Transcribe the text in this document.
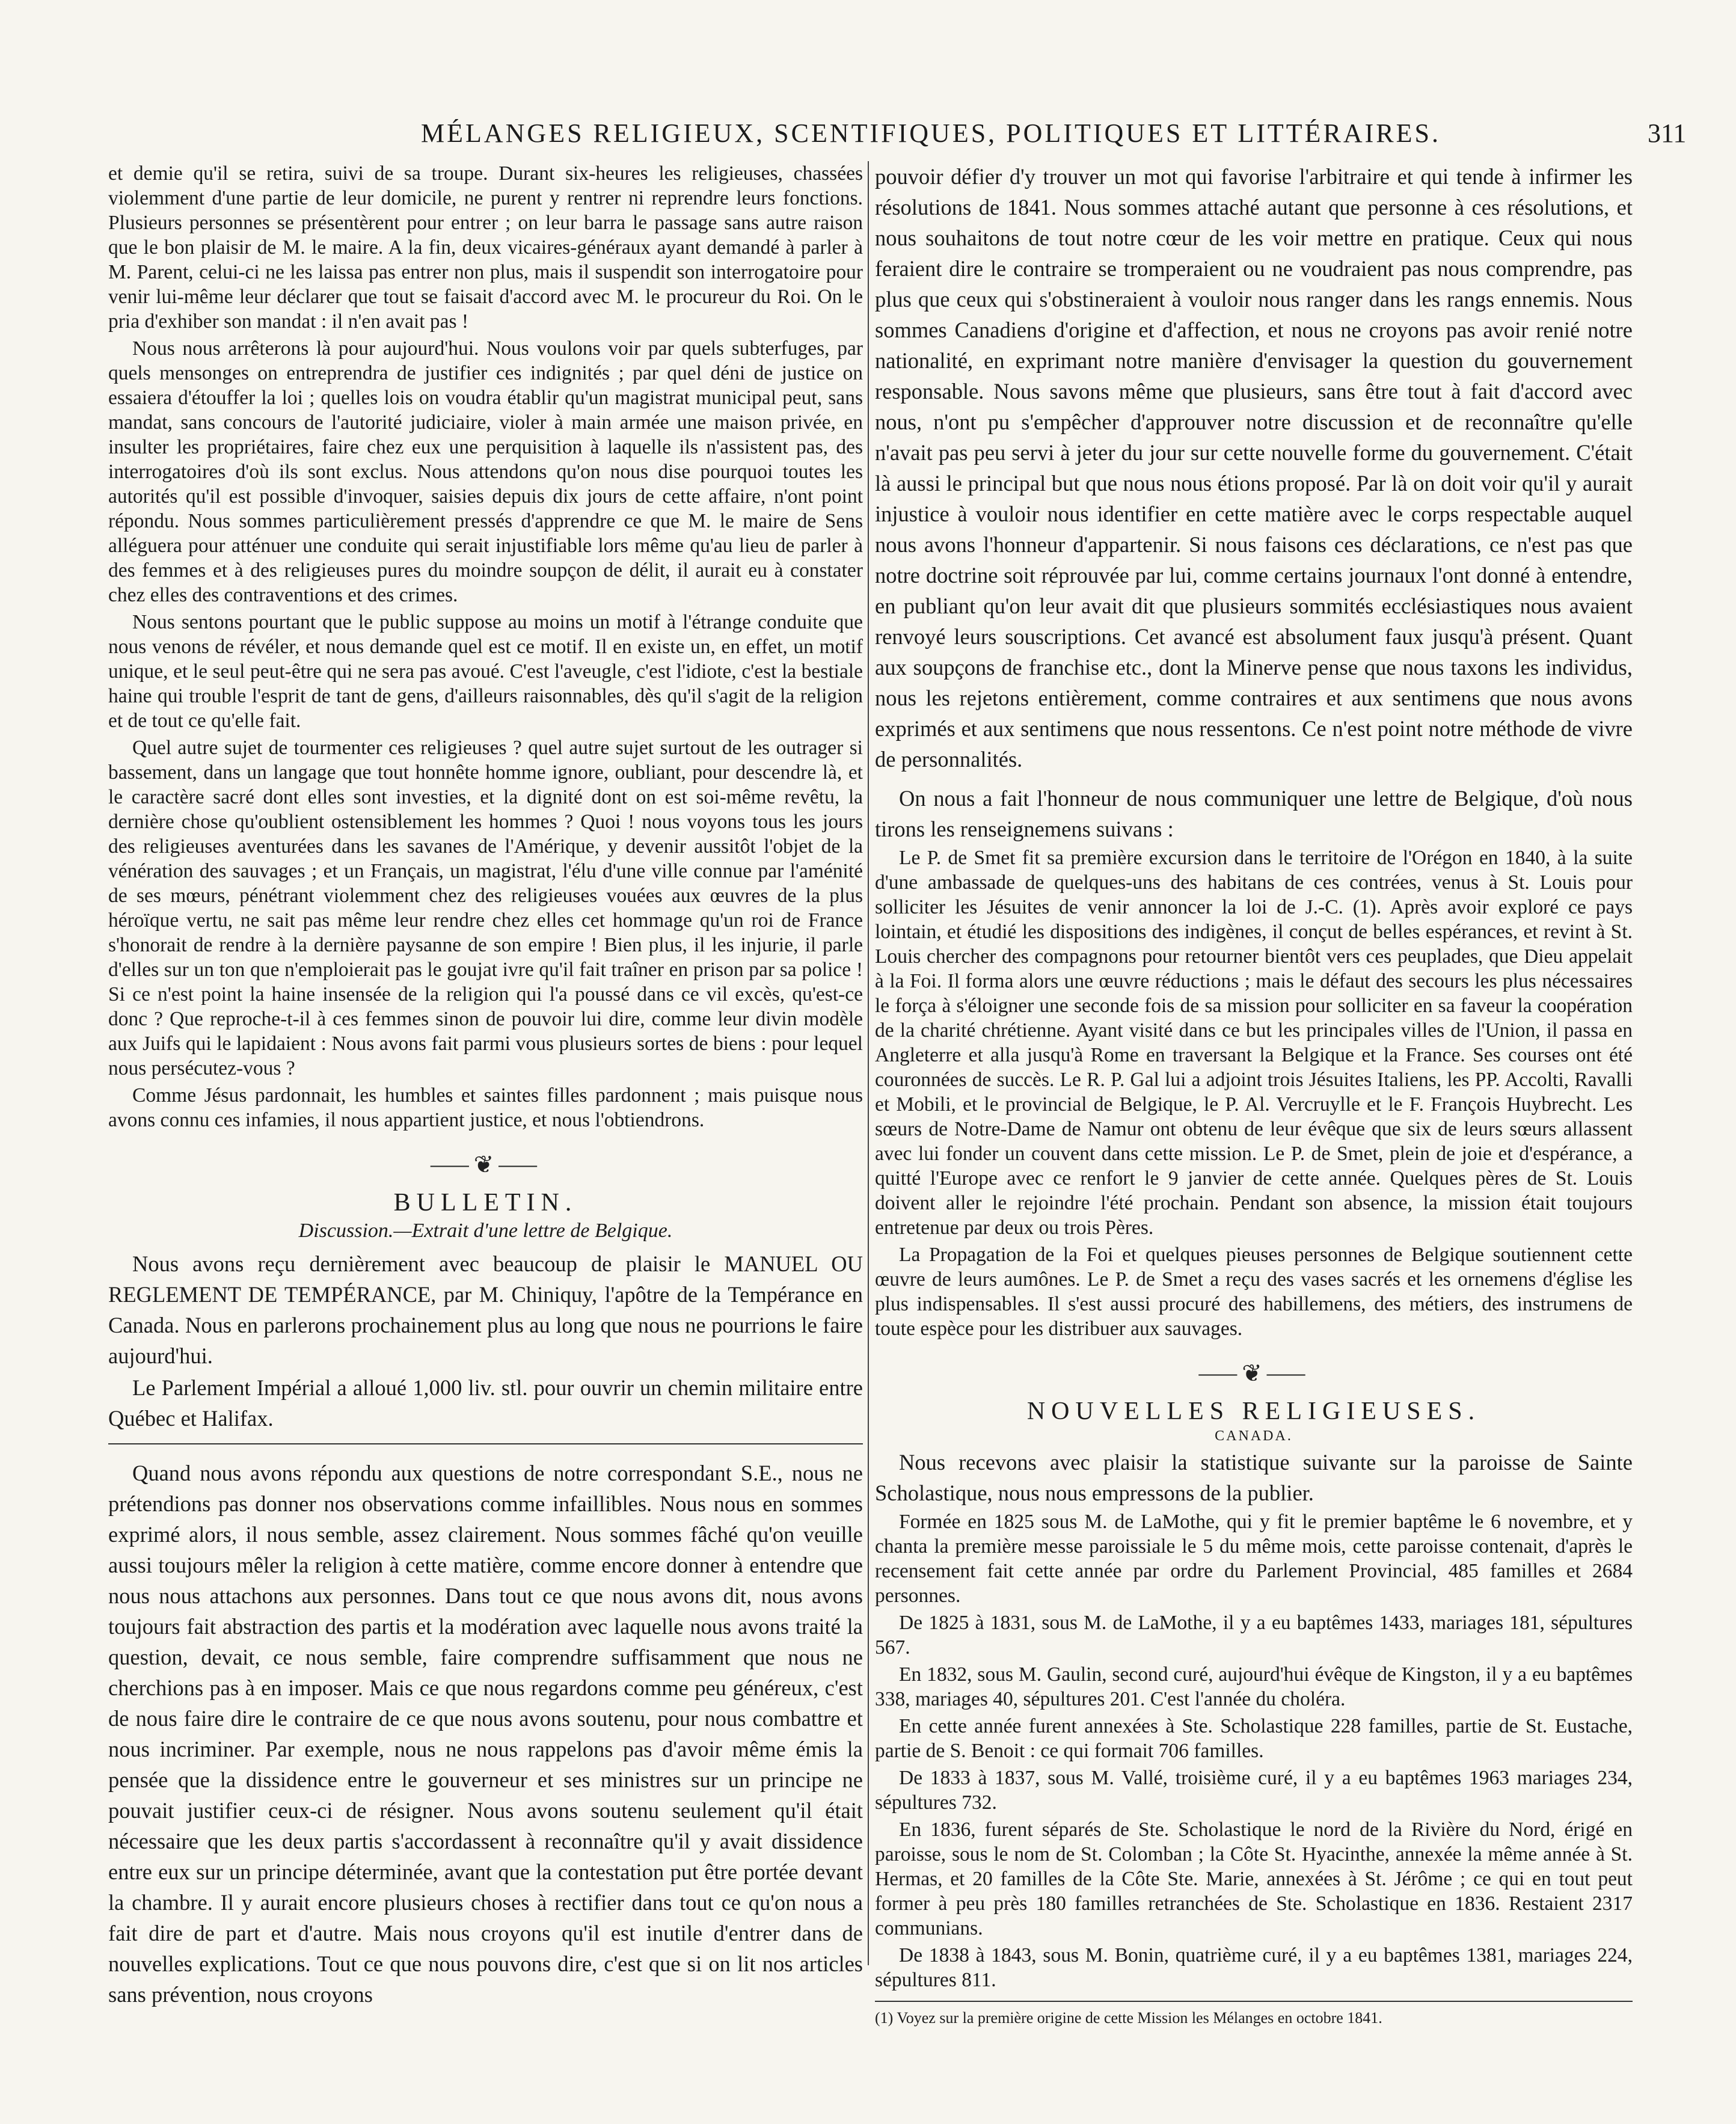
MÉLANGES RELIGIEUX, SCENTIFIQUES, POLITIQUES ET LITTÉRAIRES.	311

et demie qu'il se retira, suivi de sa troupe. Durant six-heures les religieuses, chassées violemment d'une partie de leur domicile, ne purent y rentrer ni reprendre leurs fonctions. Plusieurs personnes se présentèrent pour entrer ; on leur barra le passage sans autre raison que le bon plaisir de M. le maire. A la fin, deux vicaires-généraux ayant demandé à parler à M. Parent, celui-ci ne les laissa pas entrer non plus, mais il suspendit son interrogatoire pour venir lui-même leur déclarer que tout se faisait d'accord avec M. le procureur du Roi. On le pria d'exhiber son mandat : il n'en avait pas !

Nous nous arrêterons là pour aujourd'hui. Nous voulons voir par quels subterfuges, par quels mensonges on entreprendra de justifier ces indignités ; par quel déni de justice on essaiera d'étouffer la loi ; quelles lois on voudra établir qu'un magistrat municipal peut, sans mandat, sans concours de l'autorité judiciaire, violer à main armée une maison privée, en insulter les propriétaires, faire chez eux une perquisition à laquelle ils n'assistent pas, des interrogatoires d'où ils sont exclus. Nous attendons qu'on nous dise pourquoi toutes les autorités qu'il est possible d'invoquer, saisies depuis dix jours de cette affaire, n'ont point répondu. Nous sommes particulièrement pressés d'apprendre ce que M. le maire de Sens alléguera pour atténuer une conduite qui serait injustifiable lors même qu'au lieu de parler à des femmes et à des religieuses pures du moindre soupçon de délit, il aurait eu à constater chez elles des contraventions et des crimes.

Nous sentons pourtant que le public suppose au moins un motif à l'étrange conduite que nous venons de révéler, et nous demande quel est ce motif. Il en existe un, en effet, un motif unique, et le seul peut-être qui ne sera pas avoué. C'est l'aveugle, c'est l'idiote, c'est la bestiale haine qui trouble l'esprit de tant de gens, d'ailleurs raisonnables, dès qu'il s'agit de la religion et de tout ce qu'elle fait.

Quel autre sujet de tourmenter ces religieuses ? quel autre sujet surtout de les outrager si bassement, dans un langage que tout honnête homme ignore, oubliant, pour descendre là, et le caractère sacré dont elles sont investies, et la dignité dont on est soi-même revêtu, la dernière chose qu'oublient ostensiblement les hommes ? Quoi ! nous voyons tous les jours des religieuses aventurées dans les savanes de l'Amérique, y devenir aussitôt l'objet de la vénération des sauvages ; et un Français, un magistrat, l'élu d'une ville connue par l'aménité de ses mœurs, pénétrant violemment chez des religieuses vouées aux œuvres de la plus héroïque vertu, ne sait pas même leur rendre chez elles cet hommage qu'un roi de France s'honorait de rendre à la dernière paysanne de son empire ! Bien plus, il les injurie, il parle d'elles sur un ton que n'emploierait pas le goujat ivre qu'il fait traîner en prison par sa police ! Si ce n'est point la haine insensée de la religion qui l'a poussé dans ce vil excès, qu'est-ce donc ? Que reproche-t-il à ces femmes sinon de pouvoir lui dire, comme leur divin modèle aux Juifs qui le lapidaient : Nous avons fait parmi vous plusieurs sortes de biens : pour lequel nous persécutez-vous ?

Comme Jésus pardonnait, les humbles et saintes filles pardonnent ; mais puisque nous avons connu ces infamies, il nous appartient justice, et nous l'obtiendrons.

⸺❦⸺
BULLETIN.
Discussion.—Extrait d'une lettre de Belgique.

Nous avons reçu dernièrement avec beaucoup de plaisir le MANUEL OU REGLEMENT DE TEMPÉRANCE, par M. Chiniquy, l'apôtre de la Tempérance en Canada. Nous en parlerons prochainement plus au long que nous ne pourrions le faire aujourd'hui.

Le Parlement Impérial a alloué 1,000 liv. stl. pour ouvrir un chemin militaire entre Québec et Halifax.

Quand nous avons répondu aux questions de notre correspondant S.E., nous ne prétendions pas donner nos observations comme infaillibles. Nous nous en sommes exprimé alors, il nous semble, assez clairement. Nous sommes fâché qu'on veuille aussi toujours mêler la religion à cette matière, comme encore donner à entendre que nous nous attachons aux personnes. Dans tout ce que nous avons dit, nous avons toujours fait abstraction des partis et la modération avec laquelle nous avons traité la question, devait, ce nous semble, faire comprendre suffisamment que nous ne cherchions pas à en imposer. Mais ce que nous regardons comme peu généreux, c'est de nous faire dire le contraire de ce que nous avons soutenu, pour nous combattre et nous incriminer. Par exemple, nous ne nous rappelons pas d'avoir même émis la pensée que la dissidence entre le gouverneur et ses ministres sur un principe ne pouvait justifier ceux-ci de résigner. Nous avons soutenu seulement qu'il était nécessaire que les deux partis s'accordassent à reconnaître qu'il y avait dissidence entre eux sur un principe déterminée, avant que la contestation put être portée devant la chambre. Il y aurait encore plusieurs choses à rectifier dans tout ce qu'on nous a fait dire de part et d'autre. Mais nous croyons qu'il est inutile d'entrer dans de nouvelles explications. Tout ce que nous pouvons dire, c'est que si on lit nos articles sans prévention, nous croyons

pouvoir défier d'y trouver un mot qui favorise l'arbitraire et qui tende à infirmer les résolutions de 1841. Nous sommes attaché autant que personne à ces résolutions, et nous souhaitons de tout notre cœur de les voir mettre en pratique. Ceux qui nous feraient dire le contraire se tromperaient ou ne voudraient pas nous comprendre, pas plus que ceux qui s'obstineraient à vouloir nous ranger dans les rangs ennemis. Nous sommes Canadiens d'origine et d'affection, et nous ne croyons pas avoir renié notre nationalité, en exprimant notre manière d'envisager la question du gouvernement responsable. Nous savons même que plusieurs, sans être tout à fait d'accord avec nous, n'ont pu s'empêcher d'approuver notre discussion et de reconnaître qu'elle n'avait pas peu servi à jeter du jour sur cette nouvelle forme du gouvernement. C'était là aussi le principal but que nous nous étions proposé. Par là on doit voir qu'il y aurait injustice à vouloir nous identifier en cette matière avec le corps respectable auquel nous avons l'honneur d'appartenir. Si nous faisons ces déclarations, ce n'est pas que notre doctrine soit réprouvée par lui, comme certains journaux l'ont donné à entendre, en publiant qu'on leur avait dit que plusieurs sommités ecclésiastiques nous avaient renvoyé leurs souscriptions. Cet avancé est absolument faux jusqu'à présent. Quant aux soupçons de franchise etc., dont la Minerve pense que nous taxons les individus, nous les rejetons entièrement, comme contraires et aux sentimens que nous avons exprimés et aux sentimens que nous ressentons. Ce n'est point notre méthode de vivre de personnalités.

On nous a fait l'honneur de nous communiquer une lettre de Belgique, d'où nous tirons les renseignemens suivans :

Le P. de Smet fit sa première excursion dans le territoire de l'Orégon en 1840, à la suite d'une ambassade de quelques-uns des habitans de ces contrées, venus à St. Louis pour solliciter les Jésuites de venir annoncer la loi de J.-C. (1). Après avoir exploré ce pays lointain, et étudié les dispositions des indigènes, il conçut de belles espérances, et revint à St. Louis chercher des compagnons pour retourner bientôt vers ces peuplades, que Dieu appelait à la Foi. Il forma alors une œuvre réductions ; mais le défaut des secours les plus nécessaires le força à s'éloigner une seconde fois de sa mission pour solliciter en sa faveur la coopération de la charité chrétienne. Ayant visité dans ce but les principales villes de l'Union, il passa en Angleterre et alla jusqu'à Rome en traversant la Belgique et la France. Ses courses ont été couronnées de succès. Le R. P. Gal lui a adjoint trois Jésuites Italiens, les PP. Accolti, Ravalli et Mobili, et le provincial de Belgique, le P. Al. Vercruylle et le F. François Huybrecht. Les sœurs de Notre-Dame de Namur ont obtenu de leur évêque que six de leurs sœurs allassent avec lui fonder un couvent dans cette mission. Le P. de Smet, plein de joie et d'espérance, a quitté l'Europe avec ce renfort le 9 janvier de cette année. Quelques pères de St. Louis doivent aller le rejoindre l'été prochain. Pendant son absence, la mission était toujours entretenue par deux ou trois Pères.

La Propagation de la Foi et quelques pieuses personnes de Belgique soutiennent cette œuvre de leurs aumônes. Le P. de Smet a reçu des vases sacrés et les ornemens d'église les plus indispensables. Il s'est aussi procuré des habillemens, des métiers, des instrumens de toute espèce pour les distribuer aux sauvages.

⸺❦⸺
NOUVELLES RELIGIEUSES.
CANADA.

Nous recevons avec plaisir la statistique suivante sur la paroisse de Sainte Scholastique, nous nous empressons de la publier.

Formée en 1825 sous M. de LaMothe, qui y fit le premier baptême le 6 novembre, et y chanta la première messe paroissiale le 5 du même mois, cette paroisse contenait, d'après le recensement fait cette année par ordre du Parlement Provincial, 485 familles et 2684 personnes.

De 1825 à 1831, sous M. de LaMothe, il y a eu baptêmes 1433, mariages 181, sépultures 567.

En 1832, sous M. Gaulin, second curé, aujourd'hui évêque de Kingston, il y a eu baptêmes 338, mariages 40, sépultures 201. C'est l'année du choléra.

En cette année furent annexées à Ste. Scholastique 228 familles, partie de St. Eustache, partie de S. Benoit : ce qui formait 706 familles.

De 1833 à 1837, sous M. Vallé, troisième curé, il y a eu baptêmes 1963 mariages 234, sépultures 732.

En 1836, furent séparés de Ste. Scholastique le nord de la Rivière du Nord, érigé en paroisse, sous le nom de St. Colomban ; la Côte St. Hyacinthe, annexée la même année à St. Hermas, et 20 familles de la Côte Ste. Marie, annexées à St. Jérôme ; ce qui en tout peut former à peu près 180 familles retranchées de Ste. Scholastique en 1836. Restaient 2317 communians.

De 1838 à 1843, sous M. Bonin, quatrième curé, il y a eu baptêmes 1381, mariages 224, sépultures 811.

(1) Voyez sur la première origine de cette Mission les Mélanges en octobre 1841.
